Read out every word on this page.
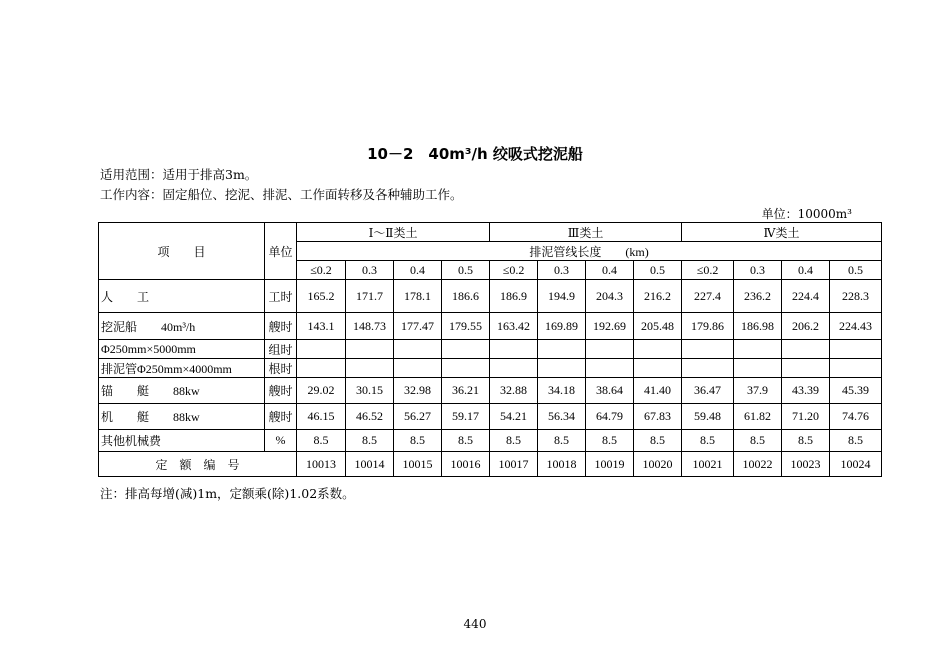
10－2　40m³/h 绞吸式挖泥船
适用范围：适用于排高3m。
工作内容：固定船位、挖泥、排泥、工作面转移及各种辅助工作。
单位：10000m³
项　　目	单位	Ⅰ～Ⅱ类土				Ⅲ类土				Ⅳ类土			
		排泥管线长度　　(km)											
		≤0.2	0.3	0.4	0.5	≤0.2	0.3	0.4	0.5	≤0.2	0.3	0.4	0.5
人　　工	工时	165.2	171.7	178.1	186.6	186.9	194.9	204.3	216.2	227.4	236.2	224.4	228.3
挖泥船　　40m³/h	艘时	143.1	148.73	177.47	179.55	163.42	169.89	192.69	205.48	179.86	186.98	206.2	224.43
Φ250mm×5000mm	组时												
排泥管Φ250mm×4000mm	根时												
锚　　艇　　88kw	艘时	29.02	30.15	32.98	36.21	32.88	34.18	38.64	41.40	36.47	37.9	43.39	45.39
机　　艇　　88kw	艘时	46.15	46.52	56.27	59.17	54.21	56.34	64.79	67.83	59.48	61.82	71.20	74.76
其他机械费	%	8.5	8.5	8.5	8.5	8.5	8.5	8.5	8.5	8.5	8.5	8.5	8.5
定　额　编　号		10013	10014	10015	10016	10017	10018	10019	10020	10021	10022	10023	10024
注：排高每增(减)1m，定额乘(除)1.02系数。
440
